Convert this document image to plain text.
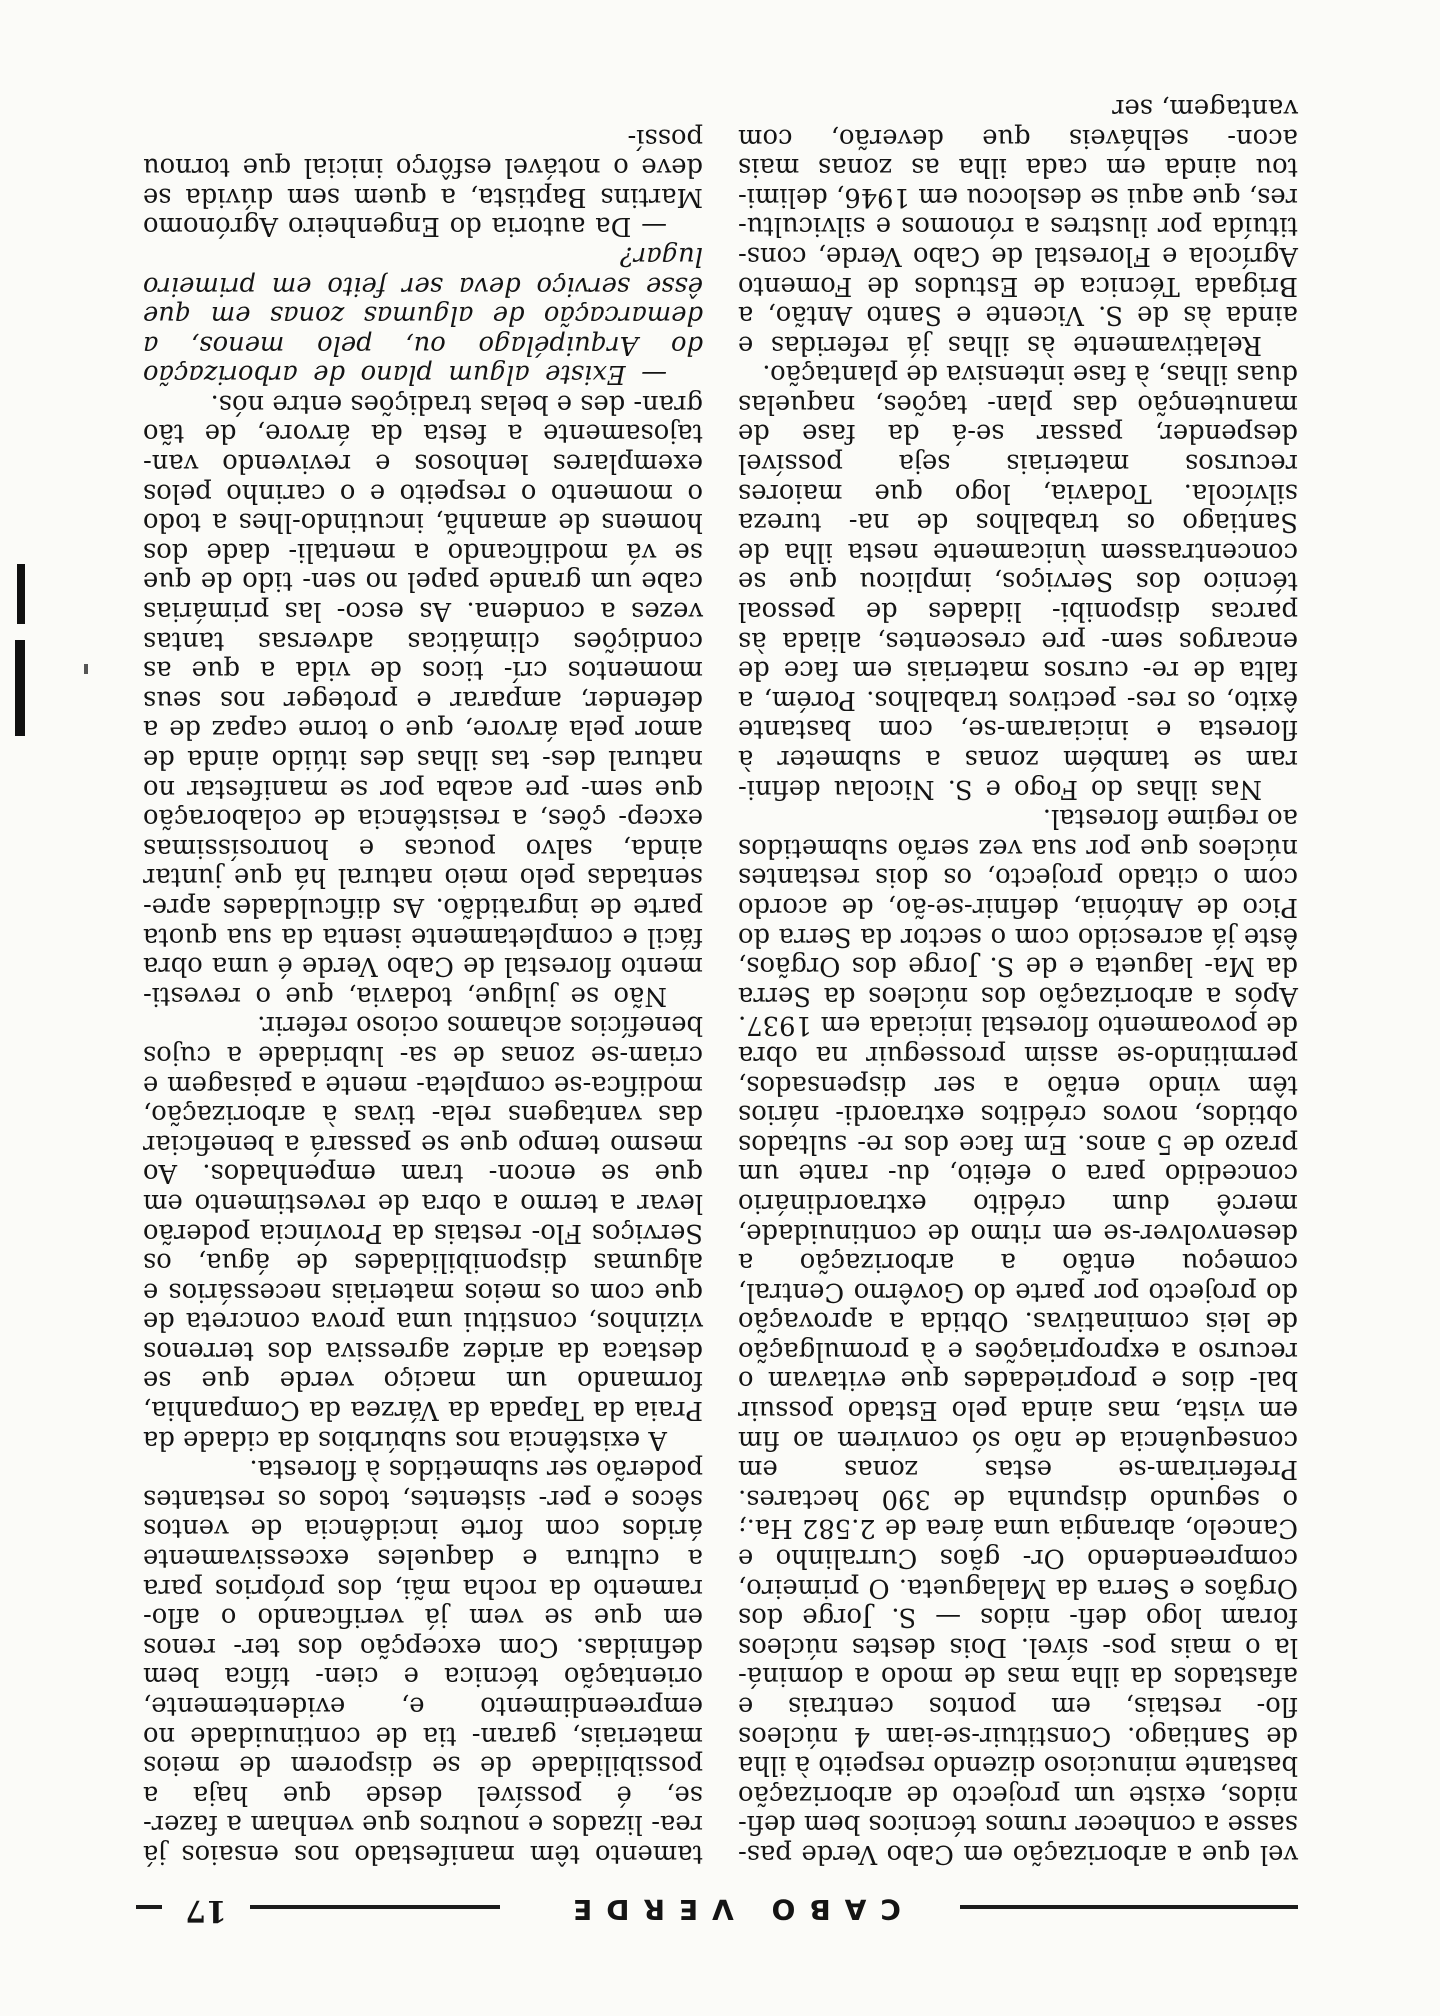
17	CABO VERDE

tamento têm manifestado nos ensaios já rea- lizados e noutros que venham a fazer-se, é possível desde que haja a possibilidade de se disporem de meios materiais, garan- tia de continuidade no empreendimento e, evidentemente, orientação técnica e cien- tífica bem definidas. Com excepção dos ter- renos em que se vem já verificando o aflo- ramento da rocha mãi, dos próprios para a cultura e daqueles excessivamente áridos com forte incidência de ventos sêcos e per- sistentes, todos os restantes poderão ser submetidos à floresta.

A existência nos subúrbios da cidade da Praia da Tapada da Várzea da Companhia, formando um maciço verde que se destaca da aridez agressiva dos terrenos vizinhos, constitui uma prova concreta de que com os meios materiais necessários e algumas disponibilidades de água, os Serviços Flo- restais da Província poderão levar a termo a obra de revestimento em que se encon- tram empenhados. Ao mesmo tempo que se passará a beneficiar das vantagens rela- tivas à arborização, modifica-se completa- mente a paisagem e criam-se zonas de sa- lubridade a cujos benefícios achamos ocioso referir.

Não se julgue, todavia, que o revesti- mento florestal de Cabo Verde é uma obra fácil e completamente isenta da sua quota parte de ingratidão. As dificuldades apre- sentadas pelo meio natural há que juntar ainda, salvo poucas e honrosíssimas excep- ções, a resistência de colaboração que sem- pre acaba por se manifestar no natural des- tas ilhas des itúido ainda de amor pela árvore, que o torne capaz de a defender, amparar e proteger nos seus momentos crí- ticos de vida a que as condições climáticas adversas tantas vezes a condena. As esco- las primárias cabe um grande papel no sen- tido de que se vá modificando a mentali- dade dos homens de amanhã, incutindo-lhes a todo o momento o respeito e o carinho pelos exemplares lenhosos e revivendo van- tajosamente a festa da árvore, de tão gran- des e belas tradições entre nós.

— Existe algum plano de arborização do Arquipélago ou, pelo menos, a demarcação de algumas zonas em que êsse serviço deva ser feito em primeiro lugar?

— Da autoria do Engenheiro Agrónomo Martins Baptista, a quem sem dúvida se deve o notável esfôrço inicial que tornou possí-

vel que a arborização em Cabo Verde pas- sasse a conhecer rumos técnicos bem defi- nidos, existe um projecto de arborização bastante minucioso dizendo respeito à ilha de Santiago. Constituir-se-iam 4 núcleos flo- restais, em pontos centrais e afastados da ilha mas de modo a dominá-la o mais pos- sível. Dois destes núcleos foram logo defi- nidos — S. Jorge dos Orgãos e Serra da Malagueta. O primeiro, compreendendo Or- gãos Curralinho e Cancelo, abrangia uma área de 2.582 Ha.; o segundo dispunha de 390 hectares. Preferiram-se estas zonas em consequência de não só convirem ao fim em vista, mas ainda pelo Estado possuir bal- dios e propriedades que evitavam o recurso a expropriações e à promulgação de leis cominativas. Obtida a aprovação do projecto por parte do Govêrno Central, começou então a arborização a desenvolver-se em ritmo de continuidade, mercê dum crédito extraordinário concedido para o efeito, du- rante um prazo de 5 anos. Em face dos re- sultados obtidos, novos créditos extraordi- nários têm vindo então a ser dispensados, permitindo-se assim prosseguir na obra de povoamento florestal iniciada em 1937. Após a arborização dos núcleos da Serra da Ma- lagueta e de S. Jorge dos Orgãos, êste já acrescido com o sector da Serra do Pico de Antónia, definir-se-ão, de acordo com o citado projecto, os dois restantes núcleos que por sua vez serão submetidos ao regime florestal.

Nas ilhas do Fogo e S. Nicolau defini- ram se também zonas a submeter à floresta e iniciaram-se, com bastante êxito, os res- pectivos trabalhos. Porém, a falta de re- cursos materiais em face de encargos sem- pre crescentes, aliada às parcas disponibi- lidades de pessoal técnico dos Serviços, implicou que se concentrassem ùnicamente nesta ilha de Santiago os trabalhos de na- tureza silvícola. Todavia, logo que maiores recursos materiais seja possível despender, passar se-á da fase de manutenção das plan- tações, naquelas duas ilhas, à fase intensiva de plantação.

Relativamente às ilhas já referidas e ainda às de S. Vicente e Santo Antão, a Brigada Técnica de Estudos de Fomento Agrícola e Florestal de Cabo Verde, cons- tituída por ilustres a rónomos e silvicultu- res, que aqui se deslocou em 1946, delimi- tou ainda em cada ilha as zonas mais acon- selháveis que deverão, com vantagem, ser
